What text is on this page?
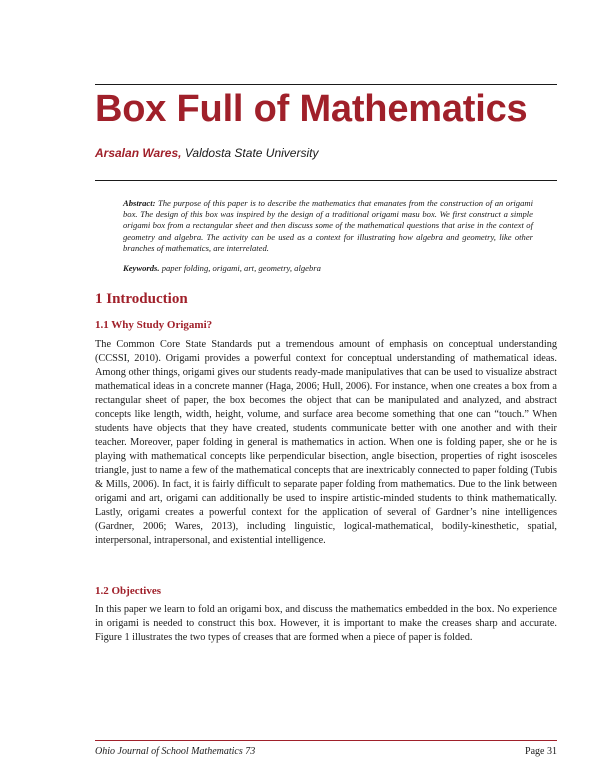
Box Full of Mathematics
Arsalan Wares, Valdosta State University
Abstract: The purpose of this paper is to describe the mathematics that emanates from the construction of an origami box. The design of this box was inspired by the design of a traditional origami masu box. We first construct a simple origami box from a rectangular sheet and then discuss some of the mathematical questions that arise in the context of geometry and algebra. The activity can be used as a context for illustrating how algebra and geometry, like other branches of mathematics, are interrelated.
Keywords. paper folding, origami, art, geometry, algebra
1 Introduction
1.1 Why Study Origami?

The Common Core State Standards put a tremendous amount of emphasis on conceptual understanding (CCSSI, 2010). Origami provides a powerful context for conceptual understanding of mathematical ideas. Among other things, origami gives our students ready-made manipulatives that can be used to visualize abstract mathematical ideas in a concrete manner (Haga, 2006; Hull, 2006). For instance, when one creates a box from a rectangular sheet of paper, the box becomes the object that can be manipulated and analyzed, and abstract concepts like length, width, height, volume, and surface area become something that one can “touch.” When students have objects that they have created, students communicate better with one another and with their teacher. Moreover, paper folding in general is mathematics in action. When one is folding paper, she or he is playing with mathematical concepts like perpendicular bisection, angle bisection, properties of right isosceles triangle, just to name a few of the mathematical concepts that are inextricably connected to paper folding (Tubis & Mills, 2006). In fact, it is fairly difficult to separate paper folding from mathematics. Due to the link between origami and art, origami can additionally be used to inspire artistic-minded students to think mathematically. Lastly, origami creates a powerful context for the application of several of Gardner’s nine intelligences (Gardner, 2006; Wares, 2013), including linguistic, logical-mathematical, bodily-kinesthetic, spatial, interpersonal, intrapersonal, and existential intelligence.

1.2 Objectives

In this paper we learn to fold an origami box, and discuss the mathematics embedded in the box. No experience in origami is needed to construct this box. However, it is important to make the creases sharp and accurate. Figure 1 illustrates the two types of creases that are formed when a piece of paper is folded.

Ohio Journal of School Mathematics 73	Page 31
